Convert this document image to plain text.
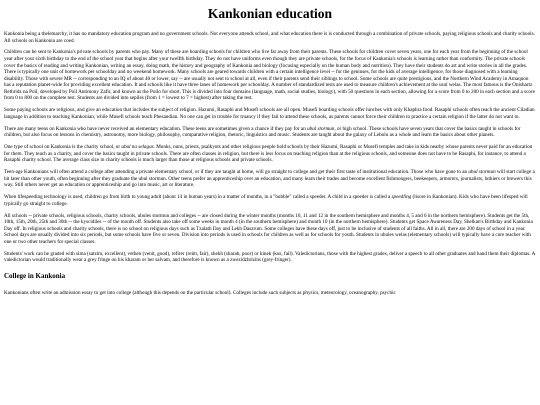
Kankonian education

Kankonia being a thelemarchy, it has no mandatory education program and no government schools. Not everyone attends school, and what education there is is conducted through a combination of private schools, paying religious schools and charity schools. All schools on Kankonia are coed.

Children can be sent to Kankonia's private schools by parents who pay. Many of these are boarding schools for children who live far away from their parents. These schools for children cover seven years, one for each year from the beginning of the school year after your sixth birthday to the end of the school year that begins after your twelfth birthday. They do not have uniforms even though they are private schools, for the focus of Kankonia's schools is learning rather than conformity. The private schools cover the basics of reading and writing Kankonian, writing an essay, doing math, the history and geography of Kankonia and biology (focusing especially on the human body and nutrition). They have their students do art and write stories in all the grades. There is typically one unit of homework per schoolday and no weekend homework. Many schools are geared towards children with a certain intelligence level -- for the geniuses, for the kids of average intelligence, for those diagnosed with a learning disability. Those with severe MR -- corresponding to an IQ of about 40 or lower, say -- are usually not sent to school at all, even if their parents send their siblings to school. Some schools are quite prestigious, and the Northern Wind Academy in Amaquon has a reputation planet-wide for providing excellent education. It and schools like it have three lanes of homework per schoolday. A number of standardized tests are used to measure children's achievement at the usul welas. The most famous is the Onishartz Rethridz na Poil, developed by Poil Antimony Zafir, and known as the Poilo for short. This is divided into four domains (language, math, social studies, biology), with 50 questions in each section, allowing for a score from 0 to 200 in each section and a score from 0 to 800 on the complete test. Students are divided into sepiles (from 1 = lowest to 7 = highest) after taking the test.

Some paying schools are religious, and give an education that includes the subject of religion. Hazumi, Rasaphi and Musefi schools are all open. Musefi boarding schools offer lunches with only Khaphra food. Rasaphi schools often teach the ancient Ciladian language in addition to teaching Kankonian, while Musefi schools teach Phesandian. No one can get in trouble for truancy if they fail to attend these schools, as parents cannot force their children to practice a certain religion if the latter do not want to.

There are many teens on Kankonia who have never received an elementary education. These teens are sometimes given a chance if they pay for an ubul stormun, or high school. These schools have seven years that cover the basics taught in schools for children, but also focus on lessons in chemistry, astronomy, more biology, philosophy, comparative religion, rhetoric, linguistics and music. Students are taught about the galaxy of Lebolu as a whole and learn the basics about other planets.

One type of school on Kankonia is the charity school, or ubul na selagas. Monks, nuns, priests, psalkyots and other religious people hold schools by their Hazumi, Rasaphi or Musefi temples and take in kids nearby whose parents never paid for an education for them. They teach as a charity, and cover the basics taught in private schools. There are often classes in religion, but there is less focus on teaching religion than at the religious schools, and someone does not have to be Rasaphi, for instance, to attend a Rasaphi charity school. The average class size in charity schools is much larger than those at religious schools and private schools.

Teen-age Kankonians will often attend a college after attending a private elementary school, or if they are taught at home, will go straight to college and get their first taste of institutional education. Those who have gone to an ubul stormun will start college a bit later than other youth, often beginning after they graduate the ubul stormun. Other teens prefer an apprenticeship over an education, and many learn their trades and become excellent fishmongers, beekeepers, armorers, journalists, luthiers or brewers this way. Still others never get an education or apprenticeship and go into music, art or literature.

When lifespeeding technology is used, children go from birth to young adult (about 14 in human years) in a matter of months, in a "bubble" called a speeder. A child in a speeder is called a speedling (lisore in Kankonian). Kids who have been lifesped will typically go straight to college.

All schools -- private schools, religious schools, charity schools, ubules stormun and colleges -- are closed during the winter months (months 10, 11 and 12 in the southern hemisphere and months 4, 5 and 6 in the northern hemisphere). Students get the 5th, 10th, 15th, 20th, 25th and 30th -- the kyscidiles -- of the month off. Students also take off some weeks in month 4 (in the southern hemisphere) and month 10 (in the northern hemisphere). Students get Space Awareness Day, Shelkan's Birthday and Kankonia Day off. In religious schools and charity schools, there is no school on religious days such as Tzalath Day and Lekh Daszrum. Some colleges have these days off, just to be inclusive of students of all faiths. All in all, there are 200 days of school in a year. School days are usually divided into six periods, but some schools have five or seven. Division into periods is used in schools for children as well as for schools for youth. Students in ubules welas (elementary schools) will typically have a core teacher with one or two other teachers for special classes.

Students' work can be graded with sima (satzim, excellent), vethen (venit, good), refirer (reim, fair), shekh (sharab, poor) or kinek (kus, fail). Valedictorians, those with the highest grades, deliver a speech to all other graduates and hand them their diplomas. A valedictorian would traditionally wear a grey fringe on his kharam or her salvam, and therefore is known as a zwezidzhrizins (grey-fringer).

College in Kankonia

Kankonians often write an admission essay to get into college (although this depends on the particular school). Colleges include such subjects as physics, meteorology, oceanography, psychic
